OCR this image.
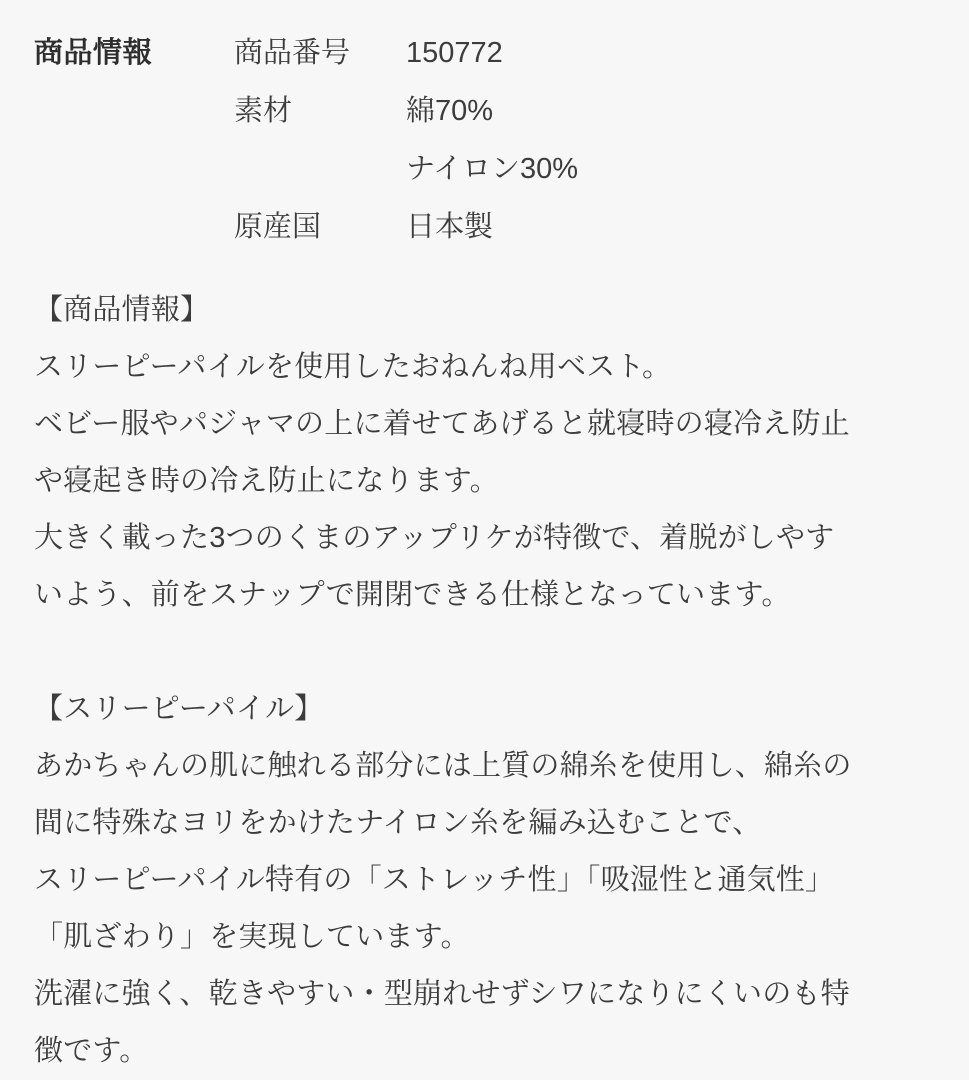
商品情報	商品番号	150772
	素材	綿70%
		ナイロン30%
	原産国	日本製
【商品情報】
スリーピーパイルを使用したおねんね用ベスト。
ベビー服やパジャマの上に着せてあげると就寝時の寝冷え防止
や寝起き時の冷え防止になります。
大きく載った3つのくまのアップリケが特徴で、着脱がしやす
いよう、前をスナップで開閉できる仕様となっています。
【スリーピーパイル】
あかちゃんの肌に触れる部分には上質の綿糸を使用し、綿糸の
間に特殊なヨリをかけたナイロン糸を編み込むことで、
スリーピーパイル特有の「ストレッチ性」「吸湿性と通気性」
「肌ざわり」を実現しています。
洗濯に強く、乾きやすい・型崩れせずシワになりにくいのも特
徴です。
